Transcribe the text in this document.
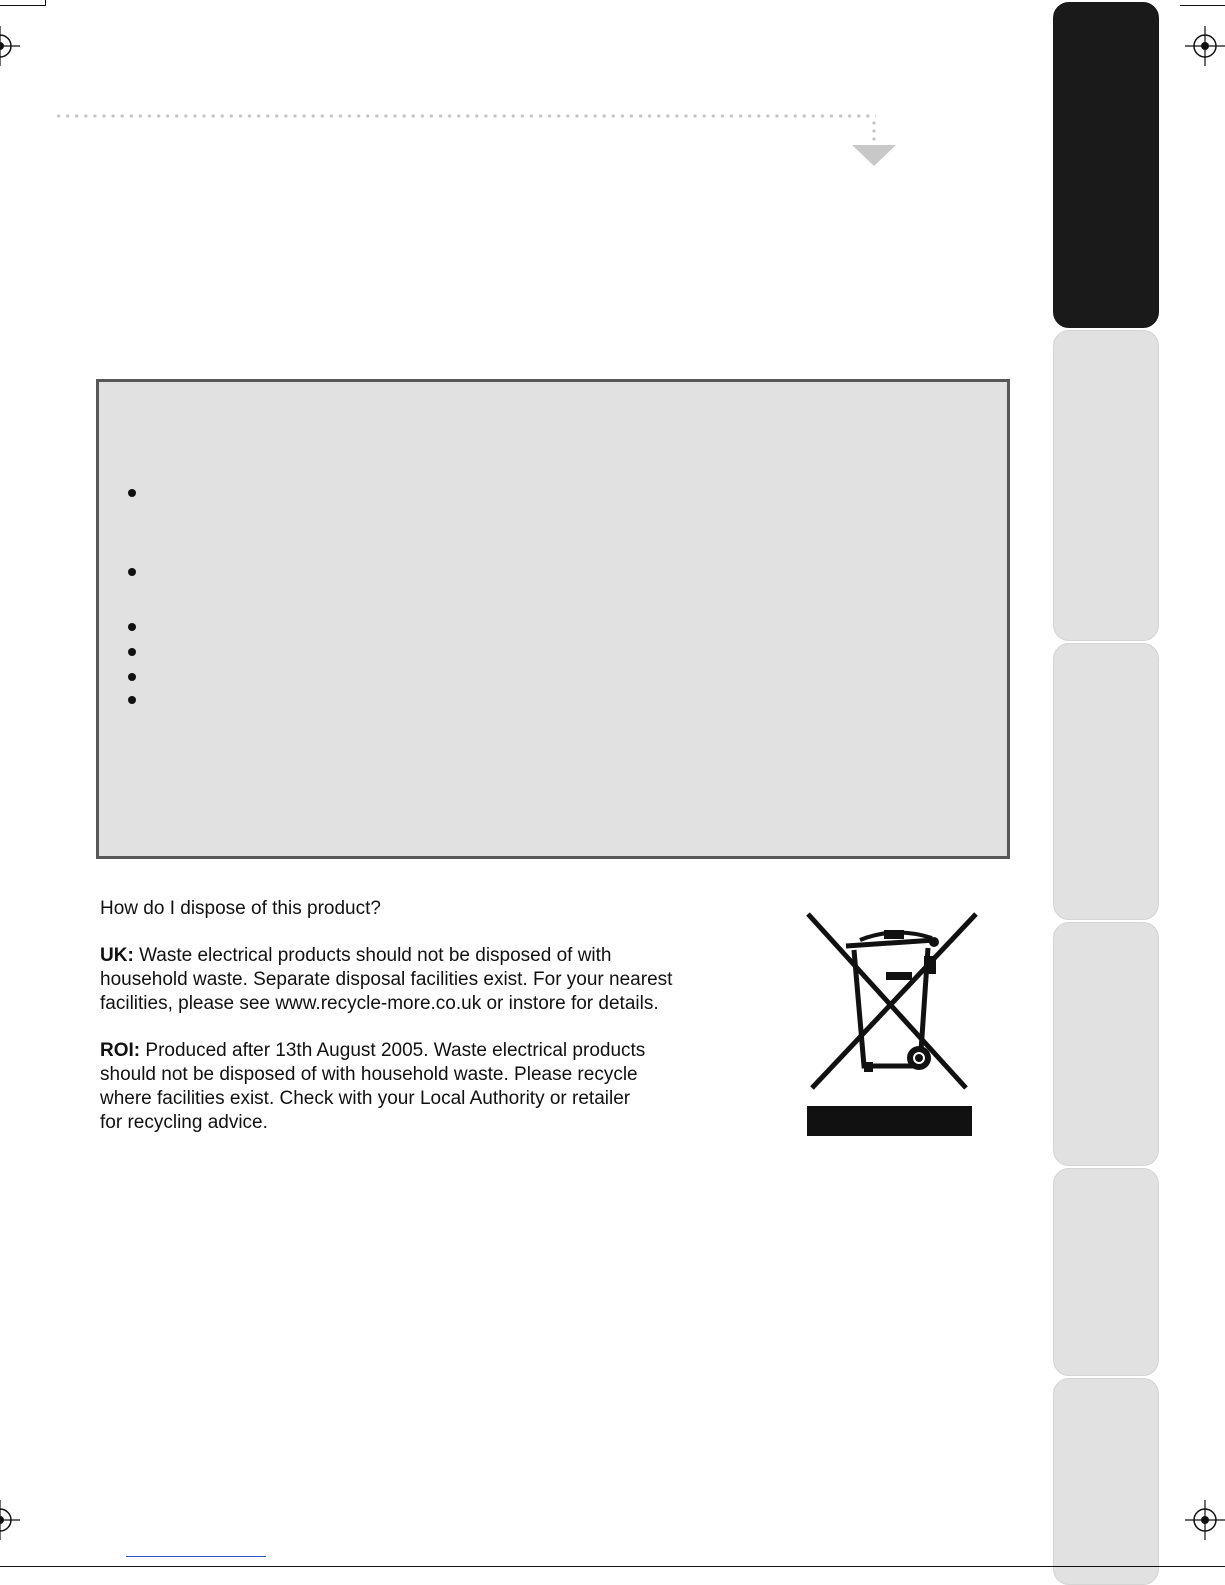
How do I dispose of this product?
UK: Waste electrical products should not be disposed of with
household waste. Separate disposal facilities exist. For your nearest
facilities, please see www.recycle-more.co.uk or instore for details.
ROI: Produced after 13th August 2005. Waste electrical products
should not be disposed of with household waste. Please recycle
where facilities exist. Check with your Local Authority or retailer
for recycling advice.
